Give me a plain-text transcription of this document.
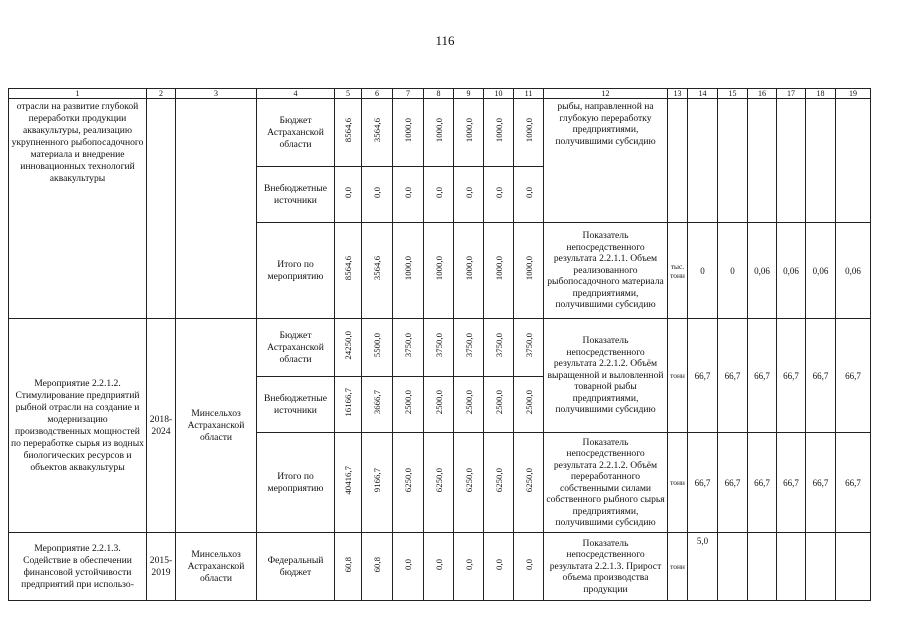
116
1	2	3	4	5	6	7	8	9	10	11	12	13	14	15	16	17	18	19
отрасли на развитие глубокой переработки продукции аквакультуры, реализацию укрупненного рыбопосадочного материала и внедрение инновационных технологий аквакультуры			Бюджет Астраханской области	8564,6	3564,6	1000,0	1000,0	1000,0	1000,0	1000,0	рыбы, направленной на глубокую переработку предприятиями, получившими субсидию							
			Внебюджетные источники	0,0	0,0	0,0	0,0	0,0	0,0	0,0								
			Итого по мероприятию	8564,6	3564,6	1000,0	1000,0	1000,0	1000,0	1000,0	Показатель непосредственного результата 2.2.1.1. Объем реализованного рыбопосадочного материала предприятиями, получившими субсидию	тыс. тонн	0	0	0,06	0,06	0,06	0,06
Мероприятие 2.2.1.2. Стимулирование предприятий рыбной отрасли на создание и модернизацию производственных мощностей по переработке сырья из водных биологических ресурсов и объектов аквакультуры	2018-2024	Минсельхоз Астраханской области	Бюджет Астраханской области	24250,0	5500,0	3750,0	3750,0	3750,0	3750,0	3750,0	Показатель непосредственного результата 2.2.1.2. Объём выращенной и выловленной товарной рыбы предприятиями, получившими субсидию	тонн	66,7	66,7	66,7	66,7	66,7	66,7
			Внебюджетные источники	16166,7	3666,7	2500,0	2500,0	2500,0	2500,0	2500,0								
			Итого по мероприятию	40416,7	9166,7	6250,0	6250,0	6250,0	6250,0	6250,0	Показатель непосредственного результата 2.2.1.2. Объём переработанного собственными силами собственного рыбного сырья предприятиями, получившими субсидию	тонн	66,7	66,7	66,7	66,7	66,7	66,7
Мероприятие 2.2.1.3. Содействие в обеспечении финансовой устойчивости предприятий при использо-	2015-2019	Минсельхоз Астраханской области	Федеральный бюджет	60,8	60,8	0,0	0,0	0,0	0,0	0,0	Показатель непосредственного результата 2.2.1.3. Прирост объема производства продукции	тонн	5,0					
